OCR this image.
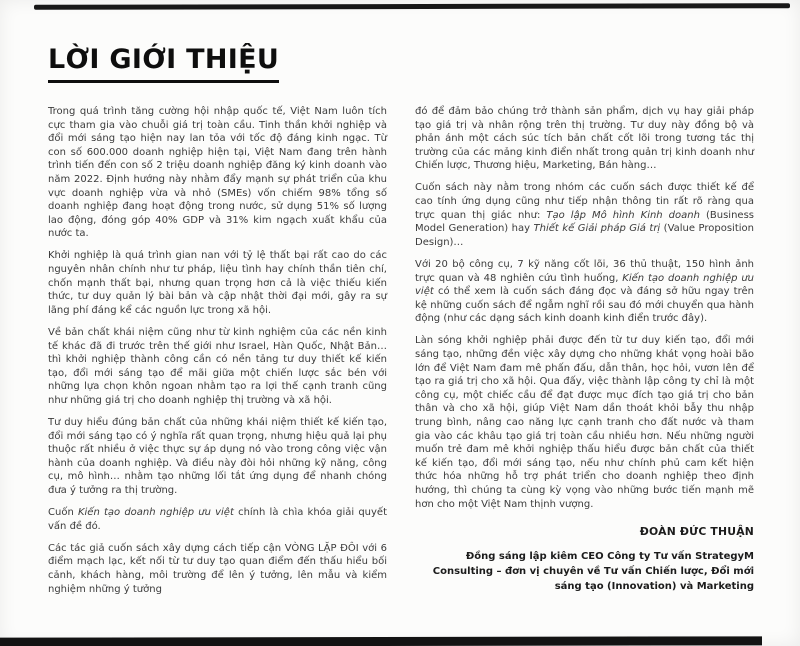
LỜI GIỚI THIỆU

Trong quá trình tăng cường hội nhập quốc tế, Việt Nam luôn tích cực tham gia vào chuỗi giá trị toàn cầu. Tinh thần khởi nghiệp và đổi mới sáng tạo hiện nay lan tỏa với tốc độ đáng kinh ngạc. Từ con số 600.000 doanh nghiệp hiện tại, Việt Nam đang trên hành trình tiến đến con số 2 triệu doanh nghiệp đăng ký kinh doanh vào năm 2022. Định hướng này nhằm đẩy mạnh sự phát triển của khu vực doanh nghiệp vừa và nhỏ (SMEs) vốn chiếm 98% tổng số doanh nghiệp đang hoạt động trong nước, sử dụng 51% số lượng lao động, đóng góp 40% GDP và 31% kim ngạch xuất khẩu của nước ta.

Khởi nghiệp là quá trình gian nan với tỷ lệ thất bại rất cao do các nguyên nhân chính như tư pháp, liệu tình hay chính thần tiên chí, chốn mạnh thất bại, nhưng quan trọng hơn cả là việc thiếu kiến thức, tư duy quản lý bài bản và cập nhật thời đại mới, gây ra sự lãng phí đáng kể các nguồn lực trong xã hội.

Về bản chất khái niệm cũng như từ kinh nghiệm của các nền kinh tế khác đã đi trước trên thế giới như Israel, Hàn Quốc, Nhật Bản… thì khởi nghiệp thành công cần có nền tảng tư duy thiết kế kiến tạo, đổi mới sáng tạo để mãi giữa một chiến lược sắc bén với những lựa chọn khôn ngoan nhằm tạo ra lợi thế cạnh tranh cũng như những giá trị cho doanh nghiệp thị trường và xã hội.

Tư duy hiểu đúng bản chất của những khái niệm thiết kế kiến tạo, đổi mới sáng tạo có ý nghĩa rất quan trọng, nhưng hiệu quả lại phụ thuộc rất nhiều ở việc thực sự áp dụng nó vào trong công việc vận hành của doanh nghiệp. Và điều này đòi hỏi những kỹ năng, công cụ, mô hình… nhằm tạo những lối tắt ứng dụng để nhanh chóng đưa ý tưởng ra thị trường.

Cuốn Kiến tạo doanh nghiệp ưu việt chính là chìa khóa giải quyết vấn đề đó.

Các tác giả cuốn sách xây dựng cách tiếp cận VÒNG LẶP ĐÔI với 6 điểm mạch lạc, kết nối từ tư duy tạo quan điểm đến thấu hiểu bối cảnh, khách hàng, môi trường để lên ý tưởng, lên mẫu và kiểm nghiệm những ý tưởng

đó để đảm bảo chúng trở thành sản phẩm, dịch vụ hay giải pháp tạo giá trị và nhân rộng trên thị trường. Tư duy này đồng bộ và phản ánh một cách súc tích bản chất cốt lõi trong tương tác thị trường của các mảng kinh điển nhất trong quản trị kinh doanh như Chiến lược, Thương hiệu, Marketing, Bán hàng…

Cuốn sách này nằm trong nhóm các cuốn sách được thiết kế để cao tính ứng dụng cũng như tiếp nhận thông tin rất rõ ràng qua trực quan thị giác như: Tạo lập Mô hình Kinh doanh (Business Model Generation) hay Thiết kế Giải pháp Giá trị (Value Proposition Design)…

Với 20 bộ công cụ, 7 kỹ năng cốt lõi, 36 thủ thuật, 150 hình ảnh trực quan và 48 nghiên cứu tình huống, Kiến tạo doanh nghiệp ưu việt có thể xem là cuốn sách đáng đọc và đáng sở hữu ngay trên kệ những cuốn sách để ngẫm nghĩ rồi sau đó mới chuyển qua hành động (như các dạng sách kinh doanh kinh điển trước đây).

Làn sóng khởi nghiệp phải được đến từ tư duy kiến tạo, đổi mới sáng tạo, những đền việc xây dựng cho những khát vọng hoài bão lớn để Việt Nam đam mê phấn đấu, dẫn thân, học hỏi, vươn lên để tạo ra giá trị cho xã hội. Qua đấy, việc thành lập công ty chỉ là một công cụ, một chiếc cầu để đạt được mục đích tạo giá trị cho bản thân và cho xã hội, giúp Việt Nam dần thoát khỏi bẫy thu nhập trung bình, nâng cao năng lực cạnh tranh cho đất nước và tham gia vào các khâu tạo giá trị toàn cầu nhiều hơn. Nếu những người muốn trẻ đam mê khởi nghiệp thấu hiểu được bản chất của thiết kế kiến tạo, đổi mới sáng tạo, nếu như chính phủ cam kết hiện thức hóa những hỗ trợ phát triển cho doanh nghiệp theo định hướng, thì chúng ta cùng kỳ vọng vào những bước tiến mạnh mẽ hơn cho một Việt Nam thịnh vượng.

ĐOÀN ĐỨC THUẬN

Đồng sáng lập kiêm CEO Công ty Tư vấn StrategyM Consulting – đơn vị chuyên về Tư vấn Chiến lược, Đổi mới sáng tạo (Innovation) và Marketing
